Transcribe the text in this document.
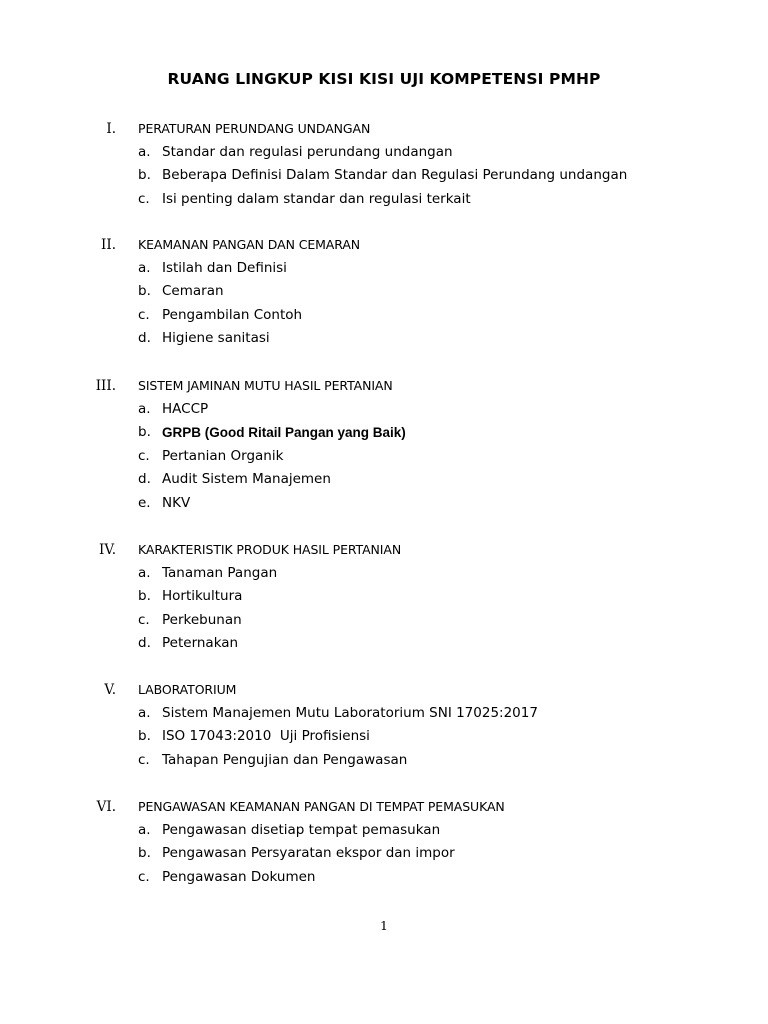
RUANG LINGKUP KISI KISI UJI KOMPETENSI PMHP
I. PERATURAN PERUNDANG UNDANGAN
a. Standar dan regulasi perundang undangan
b. Beberapa Definisi Dalam Standar dan Regulasi Perundang undangan
c. Isi penting dalam standar dan regulasi terkait
II. KEAMANAN PANGAN DAN CEMARAN
a. Istilah dan Definisi
b. Cemaran
c. Pengambilan Contoh
d. Higiene sanitasi
III. SISTEM JAMINAN MUTU HASIL PERTANIAN
a. HACCP
b. GRPB (Good Ritail Pangan yang Baik)
c. Pertanian Organik
d. Audit Sistem Manajemen
e. NKV
IV. KARAKTERISTIK PRODUK HASIL PERTANIAN
a. Tanaman Pangan
b. Hortikultura
c. Perkebunan
d. Peternakan
V. LABORATORIUM
a. Sistem Manajemen Mutu Laboratorium SNI 17025:2017
b. ISO 17043:2010  Uji Profisiensi
c. Tahapan Pengujian dan Pengawasan
VI. PENGAWASAN KEAMANAN PANGAN DI TEMPAT PEMASUKAN
a. Pengawasan disetiap tempat pemasukan
b. Pengawasan Persyaratan ekspor dan impor
c. Pengawasan Dokumen
1
